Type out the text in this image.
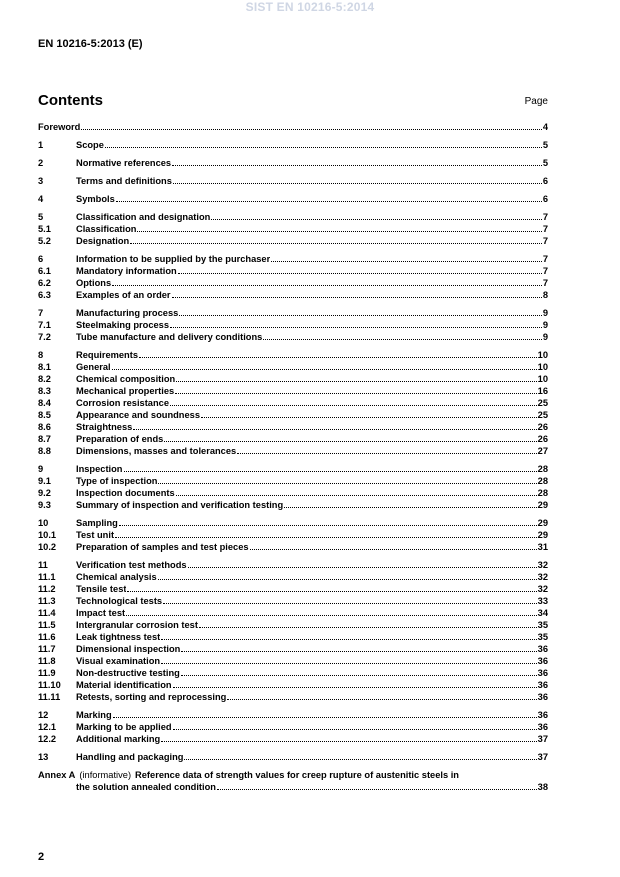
SIST EN 10216-5:2014
EN 10216-5:2013 (E)
Contents	Page
Foreword	4
1	Scope	5
2	Normative references	5
3	Terms and definitions	6
4	Symbols	6
5	Classification and designation	7
5.1	Classification	7
5.2	Designation	7
6	Information to be supplied by the purchaser	7
6.1	Mandatory information	7
6.2	Options	7
6.3	Examples of an order	8
7	Manufacturing process	9
7.1	Steelmaking process	9
7.2	Tube manufacture and delivery conditions	9
8	Requirements	10
8.1	General	10
8.2	Chemical composition	10
8.3	Mechanical properties	16
8.4	Corrosion resistance	25
8.5	Appearance and soundness	25
8.6	Straightness	26
8.7	Preparation of ends	26
8.8	Dimensions, masses and tolerances	27
9	Inspection	28
9.1	Type of inspection	28
9.2	Inspection documents	28
9.3	Summary of inspection and verification testing	29
10	Sampling	29
10.1	Test unit	29
10.2	Preparation of samples and test pieces	31
11	Verification test methods	32
11.1	Chemical analysis	32
11.2	Tensile test	32
11.3	Technological tests	33
11.4	Impact test	34
11.5	Intergranular corrosion test	35
11.6	Leak tightness test	35
11.7	Dimensional inspection	36
11.8	Visual examination	36
11.9	Non-destructive testing	36
11.10	Material identification	36
11.11	Retests, sorting and reprocessing	36
12	Marking	36
12.1	Marking to be applied	36
12.2	Additional marking	37
13	Handling and packaging	37
Annex A (informative) Reference data of strength values for creep rupture of austenitic steels in
the solution annealed condition	38
2
